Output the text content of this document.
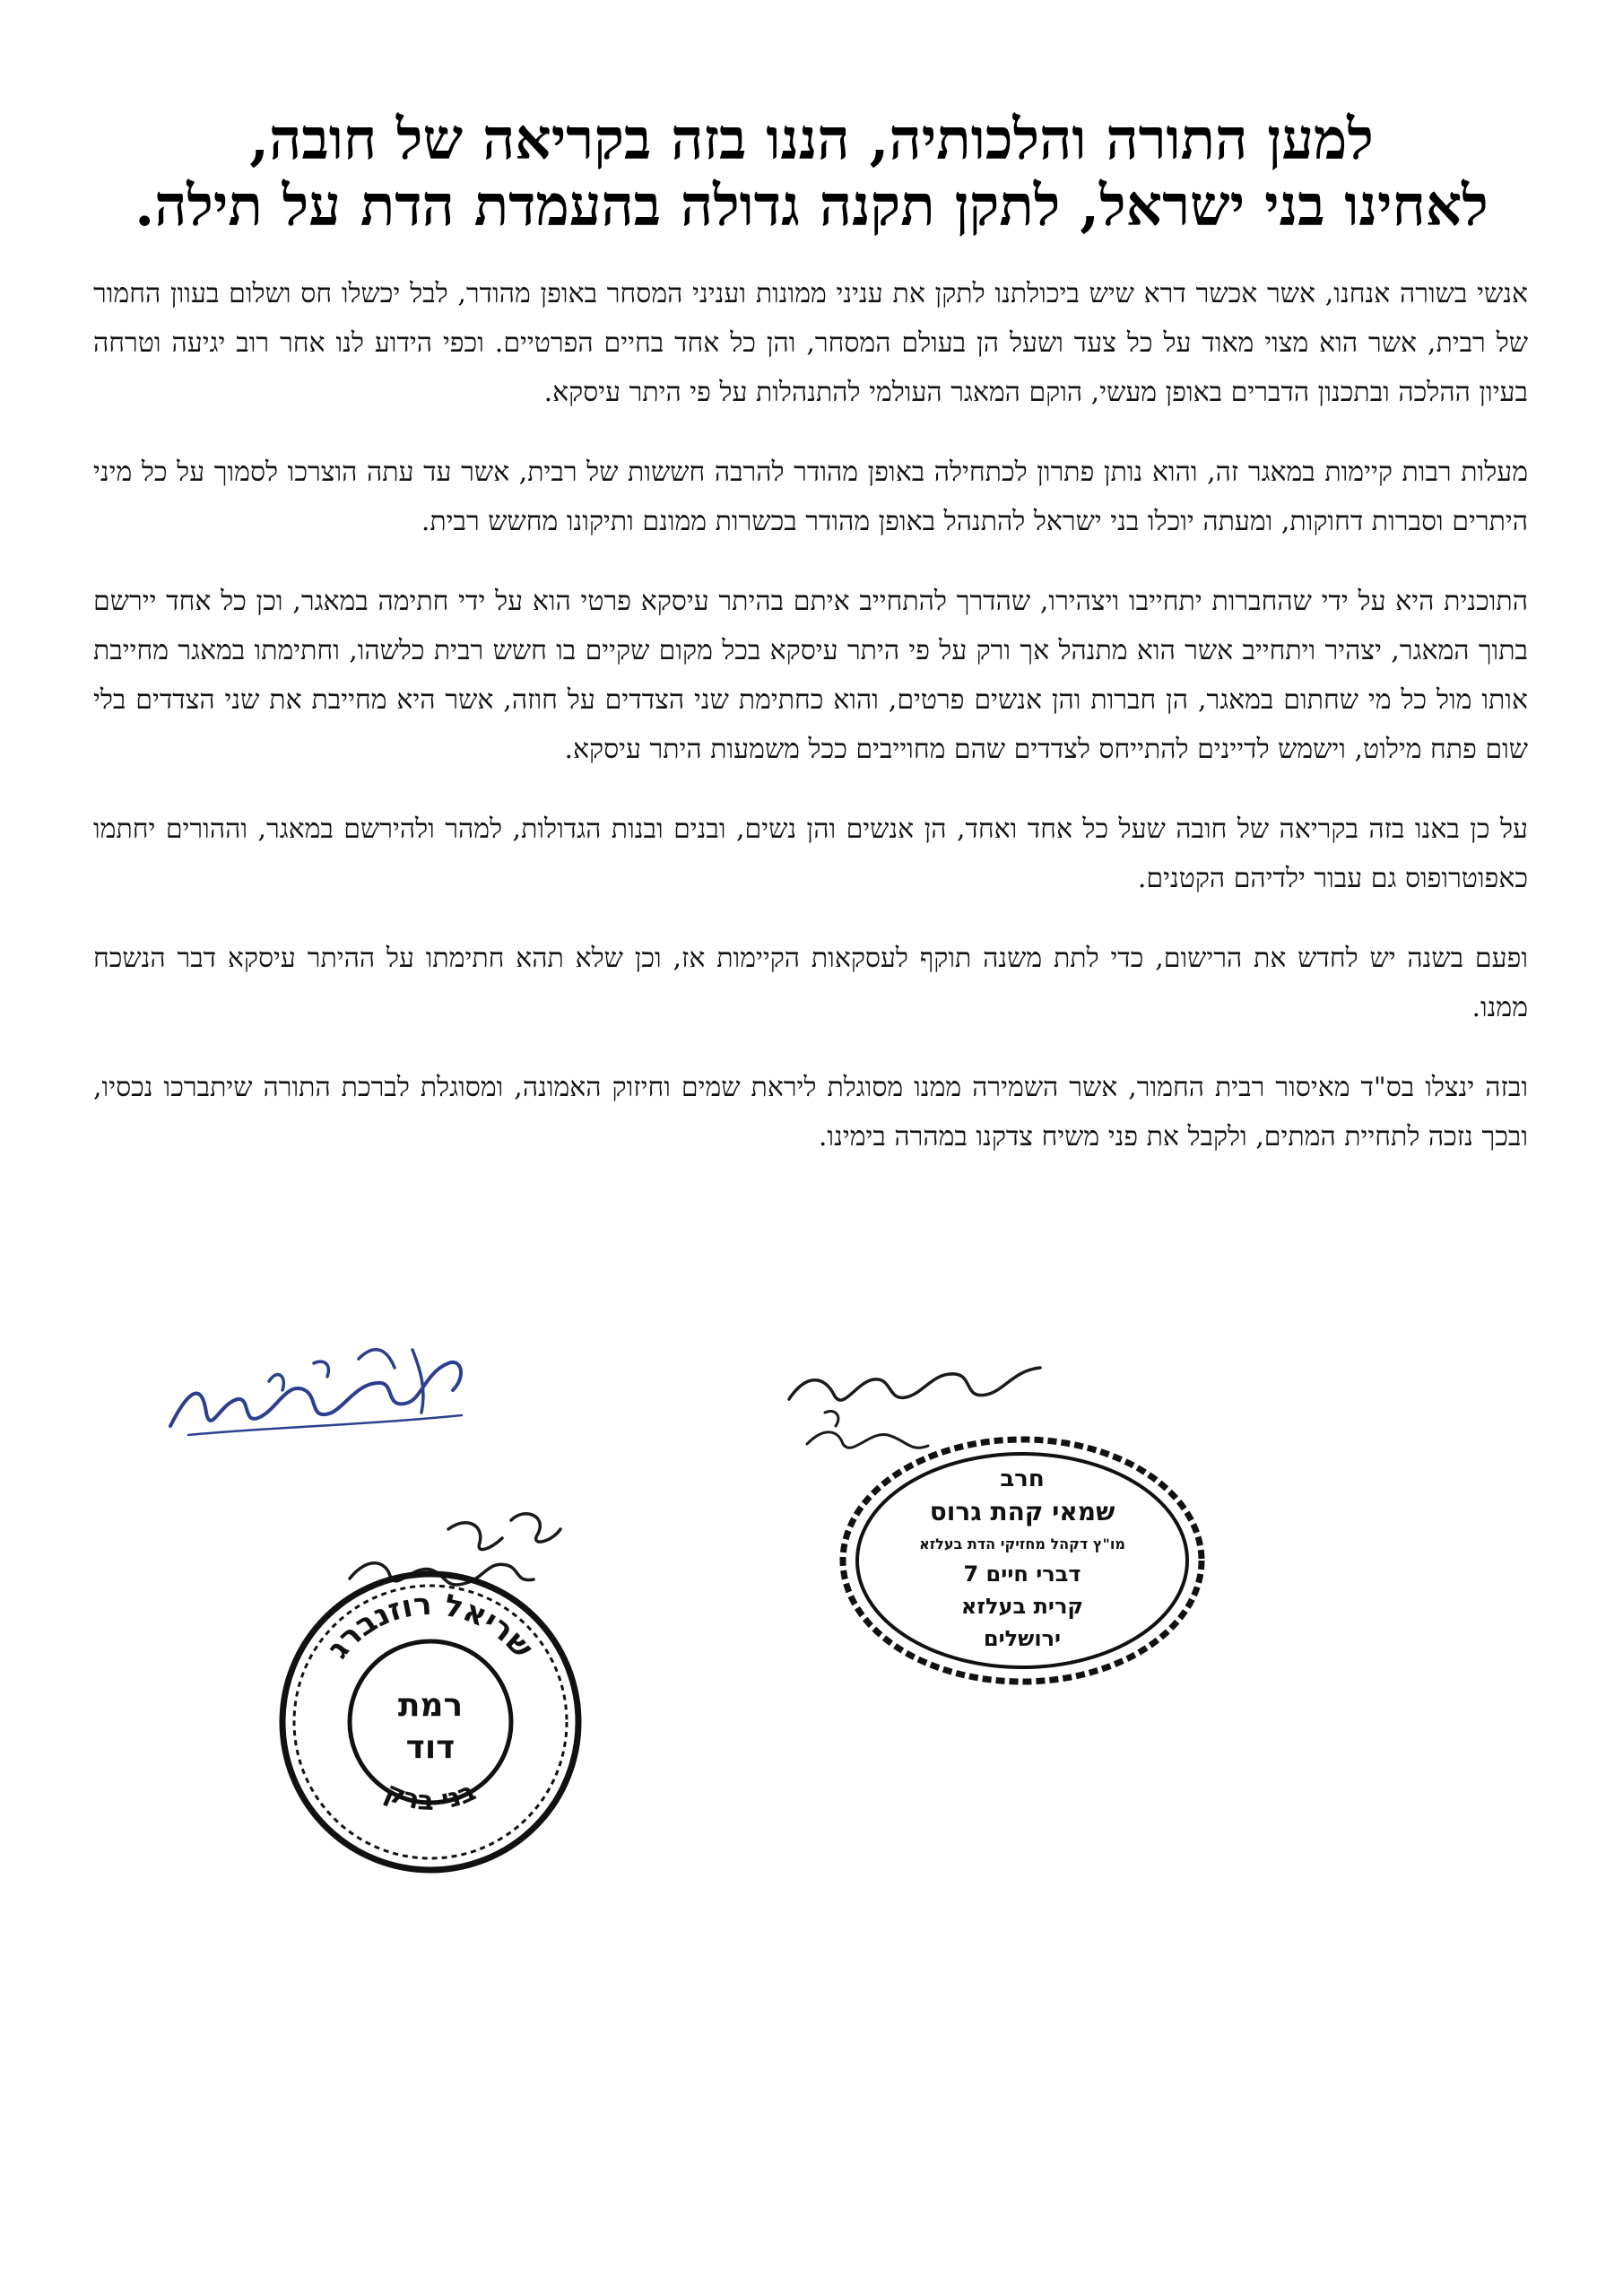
למען התורה והלכותיה, הננו בזה בקריאה של חובה,
לאחינו בני ישראל, לתקן תקנה גדולה בהעמדת הדת על תילה.

אנשי בשורה אנחנו, אשר אכשר דרא שיש ביכולתנו לתקן את עניני ממונות ועניני המסחר באופן מהודר, לבל יכשלו חס ושלום בעוון החמור של רבית, אשר הוא מצוי מאוד על כל צעד ושעל הן בעולם המסחר, והן כל אחד בחיים הפרטיים. וכפי הידוע לנו אחר רוב יגיעה וטרחה בעיון ההלכה ובתכנון הדברים באופן מעשי, הוקם המאגר העולמי להתנהלות על פי היתר עיסקא.

מעלות רבות קיימות במאגר זה, והוא נותן פתרון לכתחילה באופן מהודר להרבה חששות של רבית, אשר עד עתה הוצרכו לסמוך על כל מיני היתרים וסברות דחוקות, ומעתה יוכלו בני ישראל להתנהל באופן מהודר בכשרות ממונם ותיקונו מחשש רבית.

התוכנית היא על ידי שהחברות יתחייבו ויצהירו, שהדרך להתחייב איתם בהיתר עיסקא פרטי הוא על ידי חתימה במאגר, וכן כל אחד יירשם בתוך המאגר, יצהיר ויתחייב אשר הוא מתנהל אך ורק על פי היתר עיסקא בכל מקום שקיים בו חשש רבית כלשהו, וחתימתו במאגר מחייבת אותו מול כל מי שחתום במאגר, הן חברות והן אנשים פרטים, והוא כחתימת שני הצדדים על חוזה, אשר היא מחייבת את שני הצדדים בלי שום פתח מילוט, וישמש לדיינים להתייחס לצדדים שהם מחוייבים ככל משמעות היתר עיסקא.

על כן באנו בזה בקריאה של חובה שעל כל אחד ואחד, הן אנשים והן נשים, ובנים ובנות הגדולות, למהר ולהירשם במאגר, וההורים יחתמו כאפוטרופוס גם עבור ילדיהם הקטנים.

ופעם בשנה יש לחדש את הרישום, כדי לתת משנה תוקף לעסקאות הקיימות אז, וכן שלא תהא חתימתו על ההיתר עיסקא דבר הנשכח ממנו.

ובזה ינצלו בס"ד מאיסור רבית החמור, אשר השמירה ממנו מסוגלת ליראת שמים וחיזוק האמונה, ומסוגלת לברכת התורה שיתברכו נכסיו, ובכך נזכה לתחיית המתים, ולקבל את פני משיח צדקנו במהרה בימינו.

חרב
שמאי קהת גרוס
מו"ץ דקהל מחזיקי הדת בעלזא
דברי חיים 7
קרית בעלזא
ירושלים
שריאל רוזנברג
בני ברק
רמת
דוד
